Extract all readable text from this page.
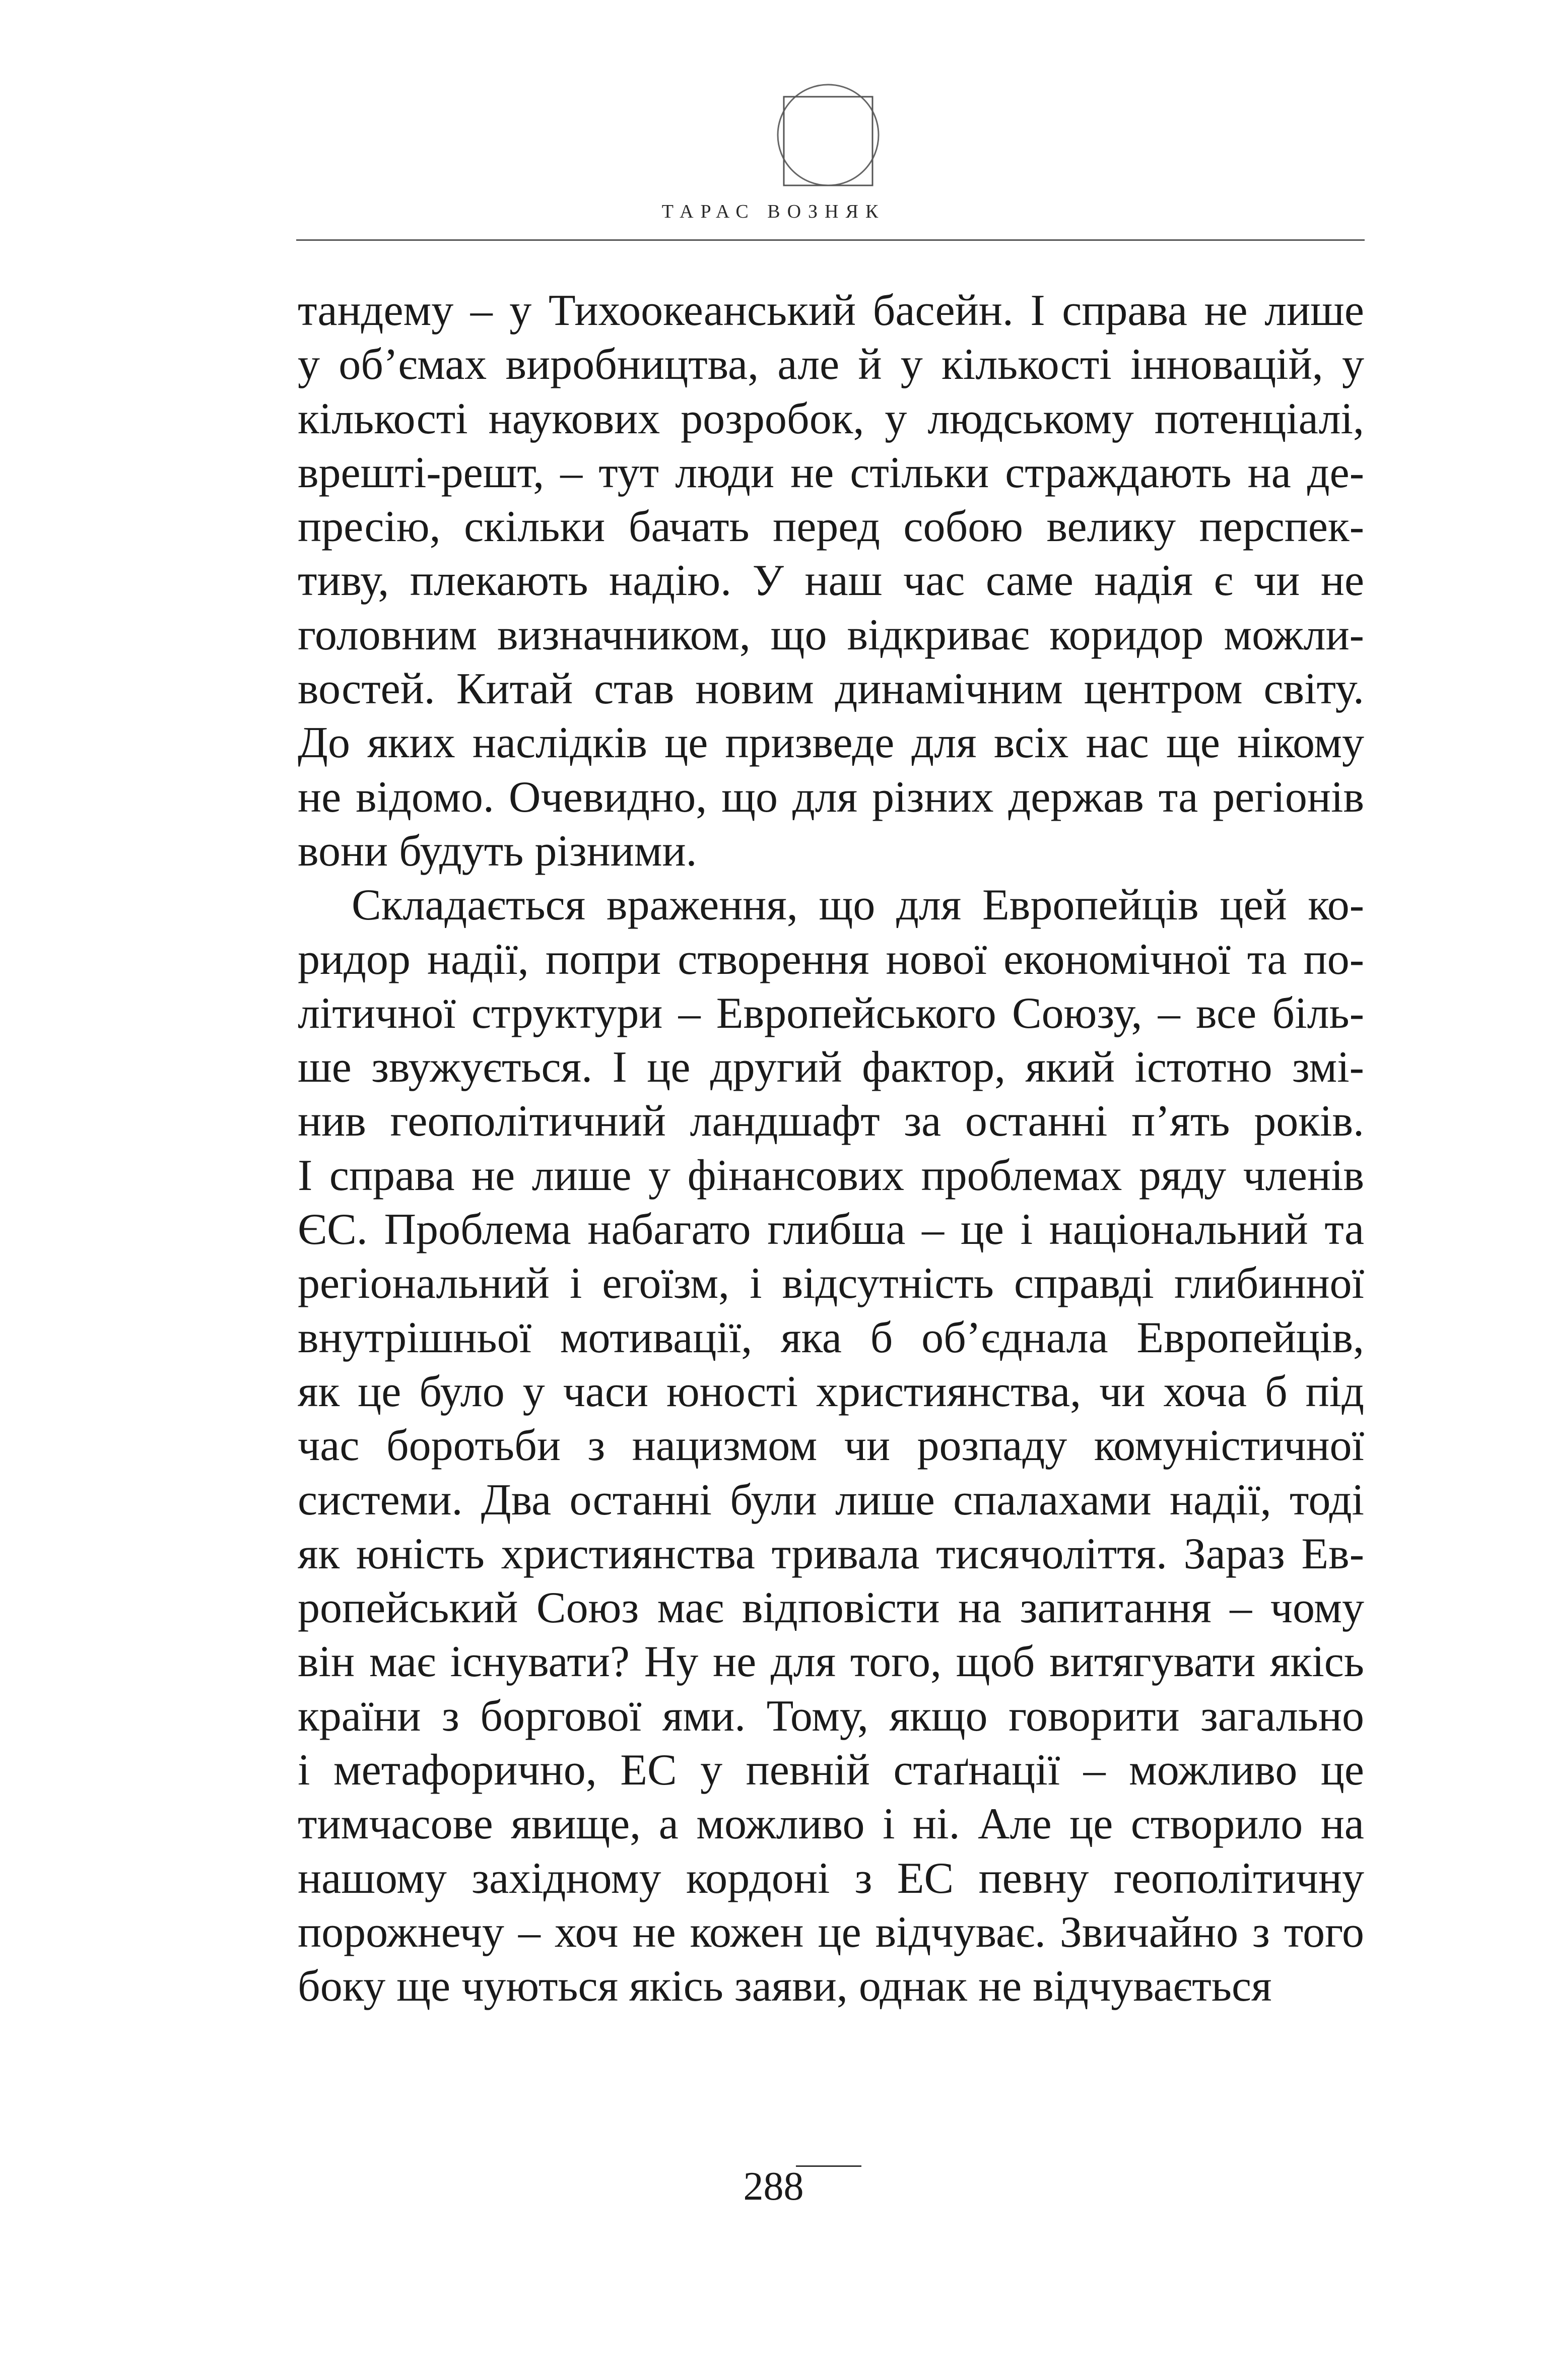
ТАРАС ВОЗНЯК
тандему – у Тихоокеанський басейн. І справа не лише
у об’ємах виробництва, але й у кількості інновацій, у
кількості наукових розробок, у людському потенціалі,
врешті-решт, – тут люди не стільки страждають на де-
пресію, скільки бачать перед собою велику перспек-
тиву, плекають надію. У наш час саме надія є чи не
головним визначником, що відкриває коридор можли-
востей. Китай став новим динамічним центром світу.
До яких наслідків це призведе для всіх нас ще нікому
не відомо. Очевидно, що для різних держав та регіонів
вони будуть різними.
Складається враження, що для Европейців цей ко-
ридор надії, попри створення нової економічної та по-
літичної структури – Европейського Союзу, – все біль-
ше звужується. І це другий фактор, який істотно змі-
нив геополітичний ландшафт за останні п’ять років.
І справа не лише у фінансових проблемах ряду членів
ЄС. Проблема набагато глибша – це і національний та
регіональний і егоїзм, і відсутність справді глибинної
внутрішньої мотивації, яка б об’єднала Европейців,
як це було у часи юності християнства, чи хоча б під
час боротьби з нацизмом чи розпаду комуністичної
системи. Два останні були лише спалахами надії, тоді
як юність християнства тривала тисячоліття. Зараз Ев-
ропейський Союз має відповісти на запитання – чому
він має існувати? Ну не для того, щоб витягувати якісь
країни з боргової ями. Тому, якщо говорити загально
і метафорично, ЕС у певній стаґнації – можливо це
тимчасове явище, а можливо і ні. Але це створило на
нашому західному кордоні з ЕС певну геополітичну
порожнечу – хоч не кожен це відчуває. Звичайно з того
боку ще чуються якісь заяви, однак не відчувається
288
